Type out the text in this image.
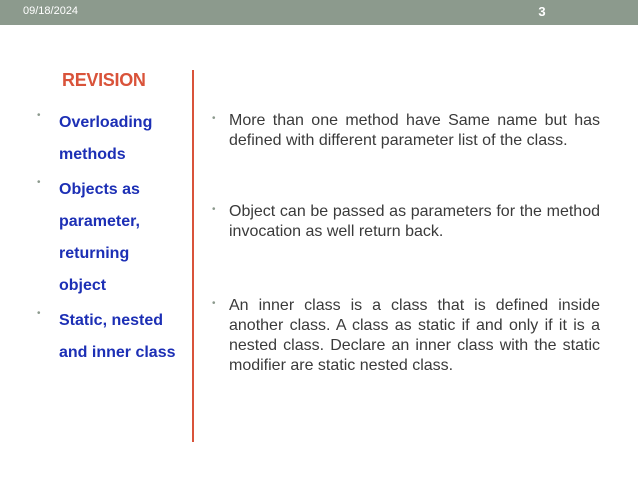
09/18/2024	3
REVISION
• Overloading methods
• Objects as parameter, returning object
• Static, nested and inner class
• More than one method have Same name but has defined with different parameter list of the class.
• Object can be passed as parameters for the method invocation as well return back.
• An inner class is a class that is defined inside another class. A class as static if and only if it is a nested class. Declare an inner class with the static modifier are static nested class.
